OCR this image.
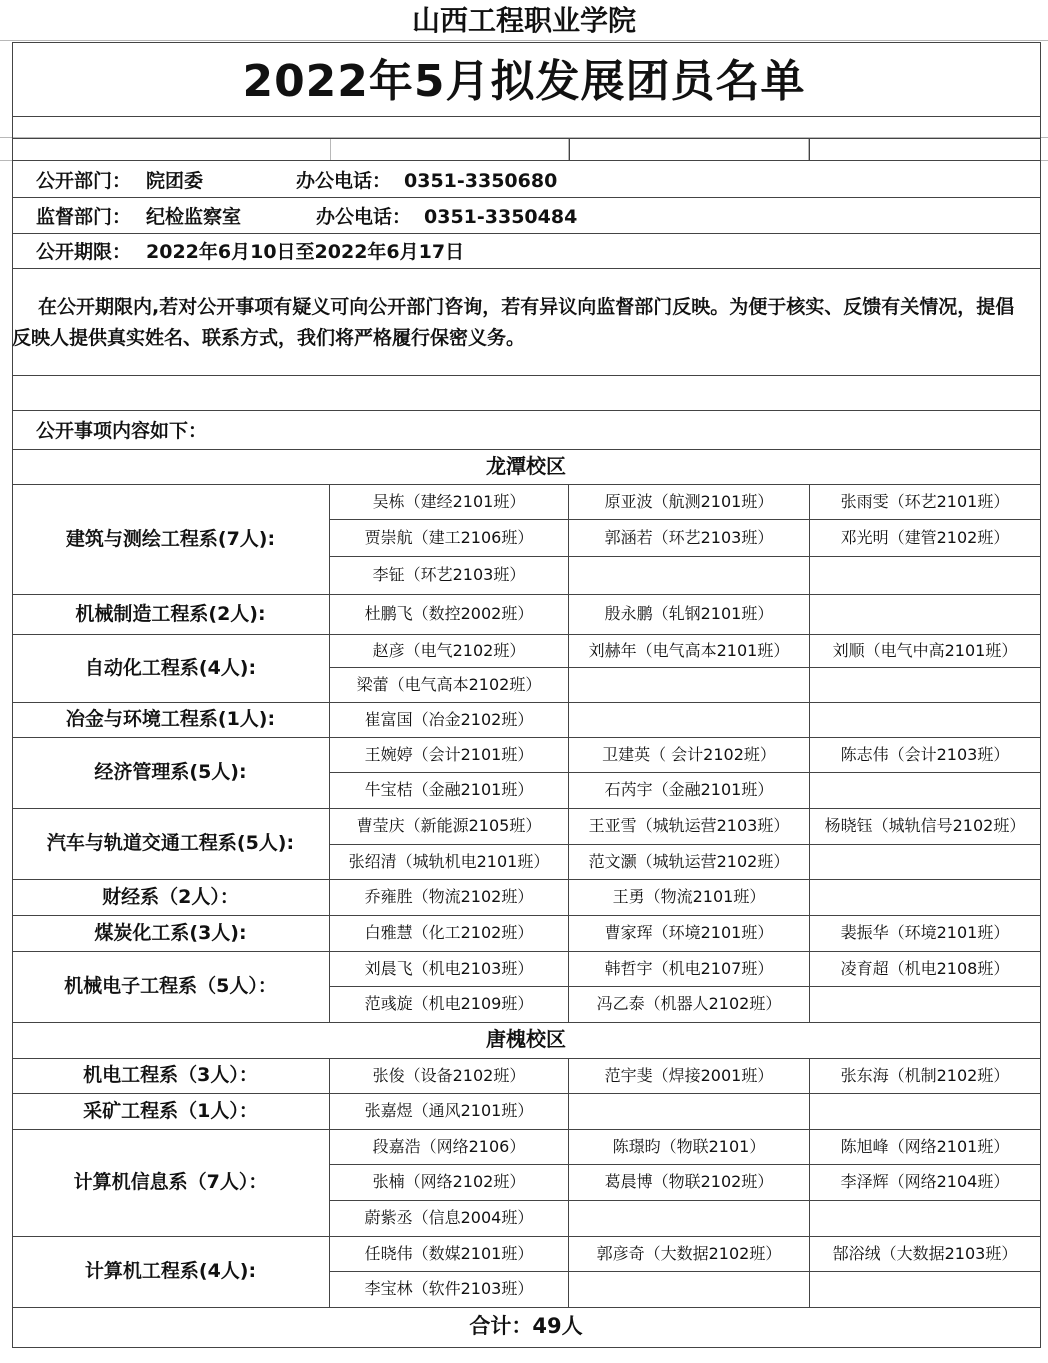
山西工程职业学院
2022年5月拟发展团员名单
公开部门： 院团委	办公电话： 0351-3350680
监督部门： 纪检监察室	办公电话： 0351-3350484
公开期限： 2022年6月10日至2022年6月17日
在公开期限内,若对公开事项有疑义可向公开部门咨询，若有异议向监督部门反映。为便于核实、反馈有关情况，提倡反映人提供真实姓名、联系方式，我们将严格履行保密义务。
公开事项内容如下：
龙潭校区
建筑与测绘工程系(7人):
吴栋（建经2101班）	原亚波（航测2101班）	张雨雯（环艺2101班）
贾崇航（建工2106班）	郭涵若（环艺2103班）	邓光明（建管2102班）
李钲（环艺2103班）
机械制造工程系(2人):	杜鹏飞（数控2002班）	殷永鹏（轧钢2101班）
自动化工程系(4人):
赵彦（电气2102班）	刘赫年（电气高本2101班）	刘顺（电气中高2101班）
梁蕾（电气高本2102班）
冶金与环境工程系(1人):	崔富国（冶金2102班）
经济管理系(5人):
王婉婷（会计2101班）	卫建英（ 会计2102班）	陈志伟（会计2103班）
牛宝桔（金融2101班）	石芮宇（金融2101班）
汽车与轨道交通工程系(5人):
曹莹庆（新能源2105班）	王亚雪（城轨运营2103班）	杨晓钰（城轨信号2102班）
张绍清（城轨机电2101班）	范文灏（城轨运营2102班）
财经系（2人）：	乔雍胜（物流2102班）	王勇（物流2101班）
煤炭化工系(3人):	白雅慧（化工2102班）	曹家珲（环境2101班）	裴振华（环境2101班）
机械电子工程系（5人）：
刘晨飞（机电2103班）	韩哲宇（机电2107班）	凌育超（机电2108班）
范彧旋（机电2109班）	冯乙泰（机器人2102班）
唐槐校区
机电工程系（3人）：	张俊（设备2102班）	范宇斐（焊接2001班）	张东海（机制2102班）
采矿工程系（1人）：	张嘉煜（通风2101班）
计算机信息系（7人）：
段嘉浩（网络2106）	陈璟昀（物联2101）	陈旭峰（网络2101班）
张楠（网络2102班）	葛晨博（物联2102班）	李泽辉（网络2104班）
蔚紫丞（信息2004班）
计算机工程系(4人):
任晓伟（数媒2101班）	郭彦奇（大数据2102班）	郜浴绒（大数据2103班）
李宝林（软件2103班）
合计：49人
